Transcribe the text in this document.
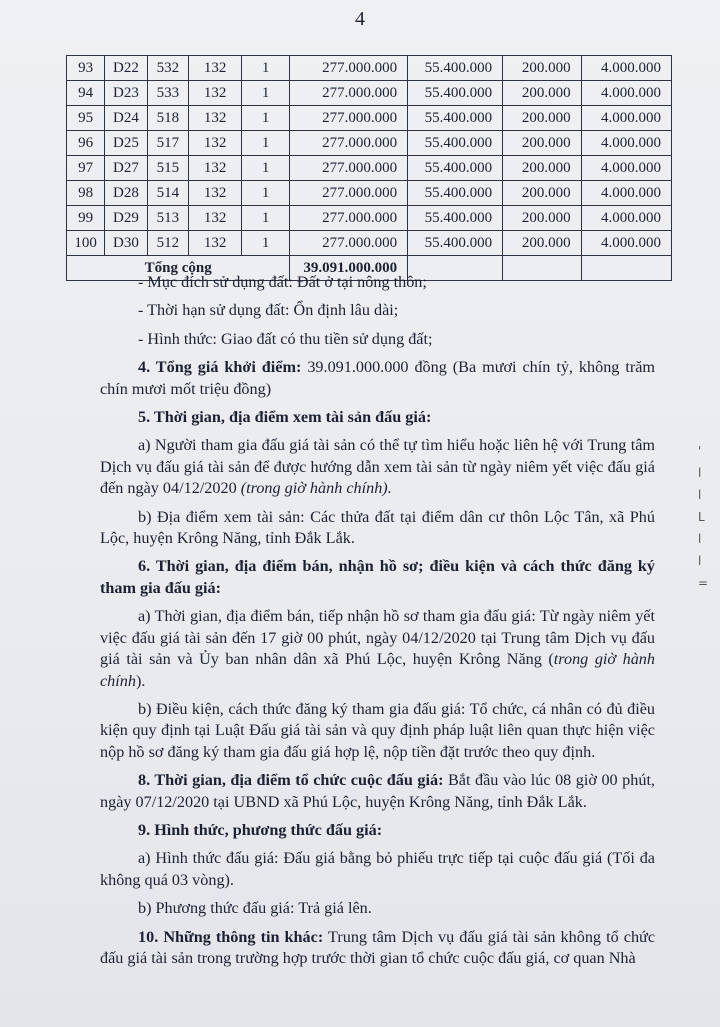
4
93	D22	532	132	1	277.000.000	55.400.000	200.000	4.000.000
94	D23	533	132	1	277.000.000	55.400.000	200.000	4.000.000
95	D24	518	132	1	277.000.000	55.400.000	200.000	4.000.000
96	D25	517	132	1	277.000.000	55.400.000	200.000	4.000.000
97	D27	515	132	1	277.000.000	55.400.000	200.000	4.000.000
98	D28	514	132	1	277.000.000	55.400.000	200.000	4.000.000
99	D29	513	132	1	277.000.000	55.400.000	200.000	4.000.000
100	D30	512	132	1	277.000.000	55.400.000	200.000	4.000.000
Tổng cộng					39.091.000.000			

- Mục đích sử dụng đất: Đất ở tại nông thôn;

- Thời hạn sử dụng đất: Ổn định lâu dài;

- Hình thức: Giao đất có thu tiền sử dụng đất;

4. Tổng giá khởi điểm: 39.091.000.000 đồng (Ba mươi chín tỷ, không trăm chín mươi mốt triệu đồng)

5. Thời gian, địa điểm xem tài sản đấu giá:

a) Người tham gia đấu giá tài sản có thể tự tìm hiểu hoặc liên hệ với Trung tâm Dịch vụ đấu giá tài sản để được hướng dẫn xem tài sản từ ngày niêm yết việc đấu giá đến ngày 04/12/2020 (trong giờ hành chính).

b) Địa điểm xem tài sản: Các thửa đất tại điểm dân cư thôn Lộc Tân, xã Phú Lộc, huyện Krông Năng, tỉnh Đắk Lắk.

6. Thời gian, địa điểm bán, nhận hồ sơ; điều kiện và cách thức đăng ký tham gia đấu giá:

a) Thời gian, địa điểm bán, tiếp nhận hồ sơ tham gia đấu giá: Từ ngày niêm yết việc đấu giá tài sản đến 17 giờ 00 phút, ngày 04/12/2020 tại Trung tâm Dịch vụ đấu giá tài sản và Ủy ban nhân dân xã Phú Lộc, huyện Krông Năng (trong giờ hành chính).

b) Điều kiện, cách thức đăng ký tham gia đấu giá: Tổ chức, cá nhân có đủ điều kiện quy định tại Luật Đấu giá tài sản và quy định pháp luật liên quan thực hiện việc nộp hồ sơ đăng ký tham gia đấu giá hợp lệ, nộp tiền đặt trước theo quy định.

8. Thời gian, địa điểm tổ chức cuộc đấu giá: Bắt đầu vào lúc 08 giờ 00 phút, ngày 07/12/2020 tại UBND xã Phú Lộc, huyện Krông Năng, tỉnh Đắk Lắk.

9. Hình thức, phương thức đấu giá:

a) Hình thức đấu giá: Đấu giá bằng bỏ phiếu trực tiếp tại cuộc đấu giá (Tối đa không quá 03 vòng).

b) Phương thức đấu giá: Trả giá lên.

10. Những thông tin khác: Trung tâm Dịch vụ đấu giá tài sản không tổ chức đấu giá tài sản trong trường hợp trước thời gian tổ chức cuộc đấu giá, cơ quan Nhà

'
l
l
L
l
l
=
